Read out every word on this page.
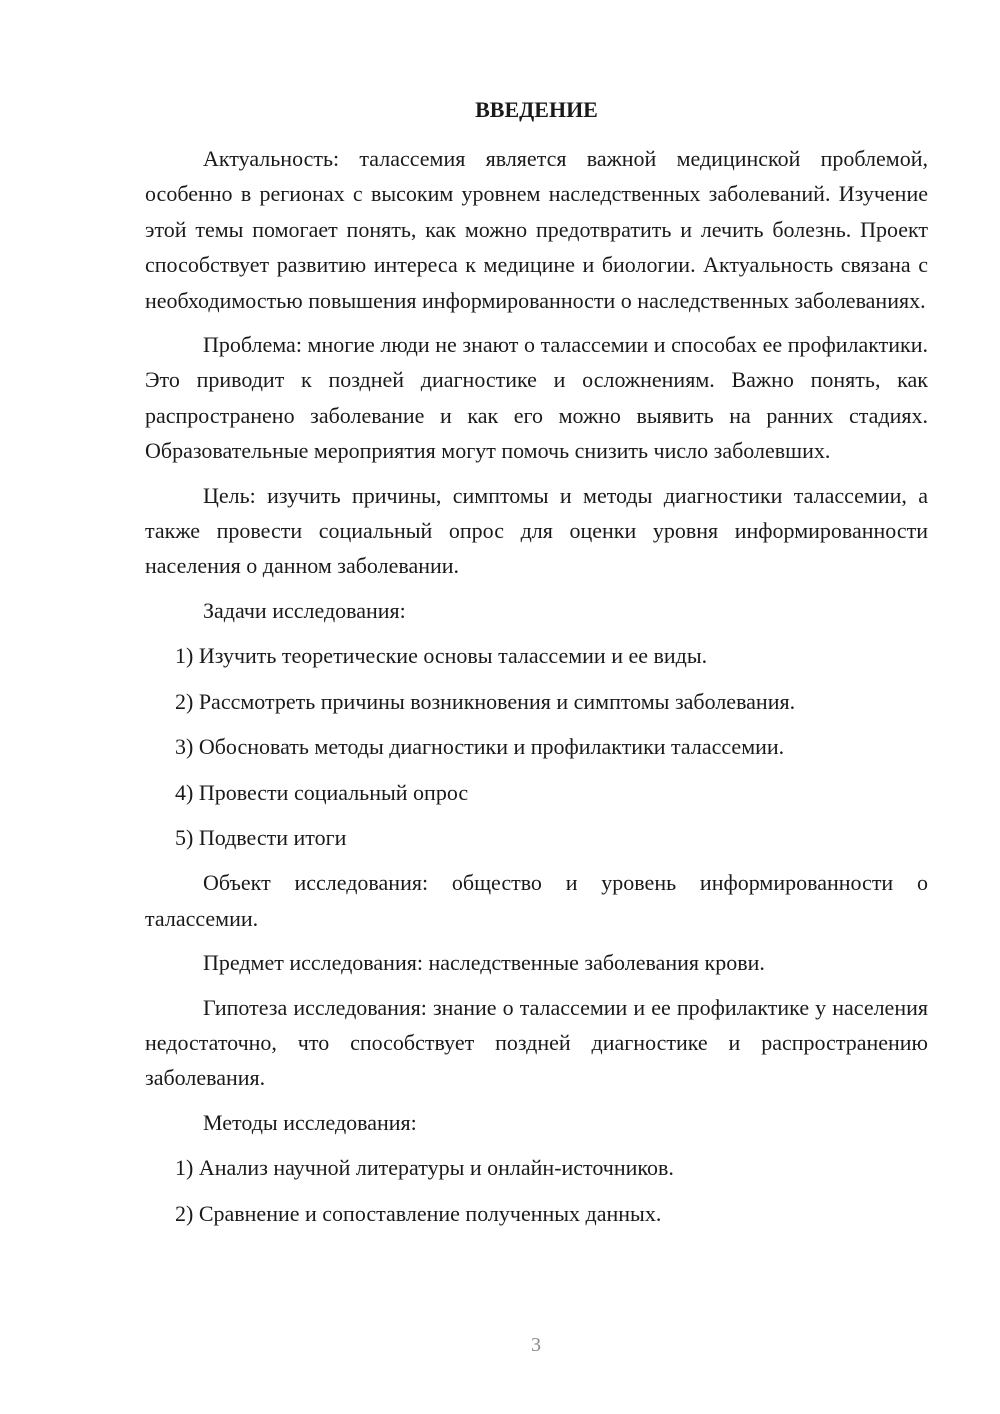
ВВЕДЕНИЕ

Актуальность: талассемия является важной медицинской проблемой, особенно в регионах с высоким уровнем наследственных заболеваний. Изучение этой темы помогает понять, как можно предотвратить и лечить болезнь. Проект способствует развитию интереса к медицине и биологии. Актуальность связана с необходимостью повышения информированности о наследственных заболеваниях.

Проблема: многие люди не знают о талассемии и способах ее профилактики. Это приводит к поздней диагностике и осложнениям. Важно понять, как распространено заболевание и как его можно выявить на ранних стадиях. Образовательные мероприятия могут помочь снизить число заболевших.

Цель: изучить причины, симптомы и методы диагностики талассемии, а также провести социальный опрос для оценки уровня информированности населения о данном заболевании.

Задачи исследования:

1) Изучить теоретические основы талассемии и ее виды.
2) Рассмотреть причины возникновения и симптомы заболевания.
3) Обосновать методы диагностики и профилактики талассемии.
4) Провести социальный опрос
5) Подвести итоги

Объект исследования: общество и уровень информированности о талассемии.

Предмет исследования: наследственные заболевания крови.

Гипотеза исследования: знание о талассемии и ее профилактике у населения недостаточно, что способствует поздней диагностике и распространению заболевания.

Методы исследования:

1) Анализ научной литературы и онлайн-источников.
2) Сравнение и сопоставление полученных данных.
3
